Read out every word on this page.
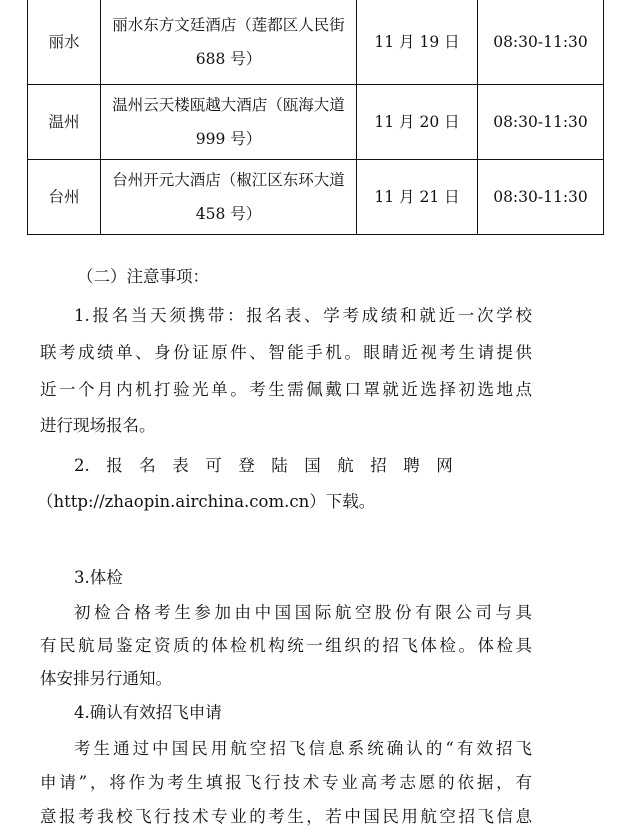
丽水	丽水东方文廷酒店（莲都区人民街
688 号）	11 月 19 日	08:30-11:30
温州	温州云天楼瓯越大酒店（瓯海大道
999 号）	11 月 20 日	08:30-11:30
台州	台州开元大酒店（椒江区东环大道
458 号）	11 月 21 日	08:30-11:30
（二）注意事项：
1.报名当天须携带：报名表、学考成绩和就近一次学校
联考成绩单、身份证原件、智能手机。眼睛近视考生请提供
近一个月内机打验光单。考生需佩戴口罩就近选择初选地点
进行现场报名。
2.　报　名　表　可　登　陆　国　航　招　聘　网
（http://zhaopin.airchina.com.cn）下载。
3.体检
初检合格考生参加由中国国际航空股份有限公司与具
有民航局鉴定资质的体检机构统一组织的招飞体检。体检具
体安排另行通知。
4.确认有效招飞申请
考生通过中国民用航空招飞信息系统确认的“有效招飞
申请”，将作为考生填报飞行技术专业高考志愿的依据，有
意报考我校飞行技术专业的考生，若中国民用航空招飞信息
